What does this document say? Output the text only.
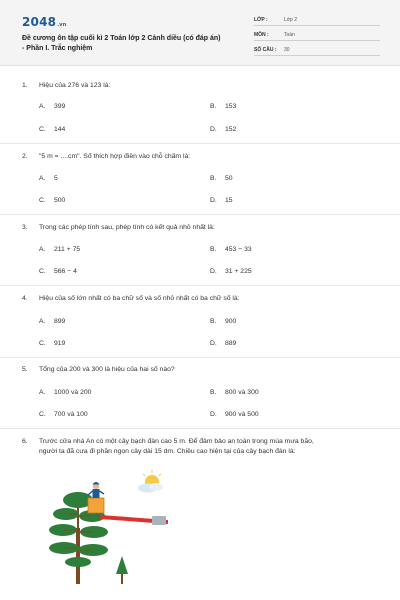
2048.vn
Đề cương ôn tập cuối kì 2 Toán lớp 2 Cánh diều (có đáp án)
- Phần I. Trắc nghiệm
LỚP :	Lớp 2
MÔN :	Toán
SỐ CÂU : 30
1. Hiệu của 276 và 123 là:
A. 399	B. 153
C. 144	D. 152
2. "5 m = ....cm". Số thích hợp điền vào chỗ chấm là:
A. 5	B. 50
C. 500	D. 15
3. Trong các phép tính sau, phép tính có kết quả nhỏ nhất là:
A. 211 + 75	B. 453 − 33
C. 566 − 4	D. 31 + 225
4. Hiệu của số lớn nhất có ba chữ số và số nhỏ nhất có ba chữ số là:
A. 899	B. 900
C. 919	D. 889
5. Tổng của 200 và 300 là hiệu của hai số nào?
A. 1000 và 200	B. 800 và 300
C. 700 và 100	D. 900 và 500
6. Trước cửa nhà An có một cây bạch đàn cao 5 m. Để đảm bảo an toàn trong mùa mưa bão,
người ta đã cưa đi phần ngọn cây dài 15 dm. Chiều cao hiện tại của cây bạch đàn là:
